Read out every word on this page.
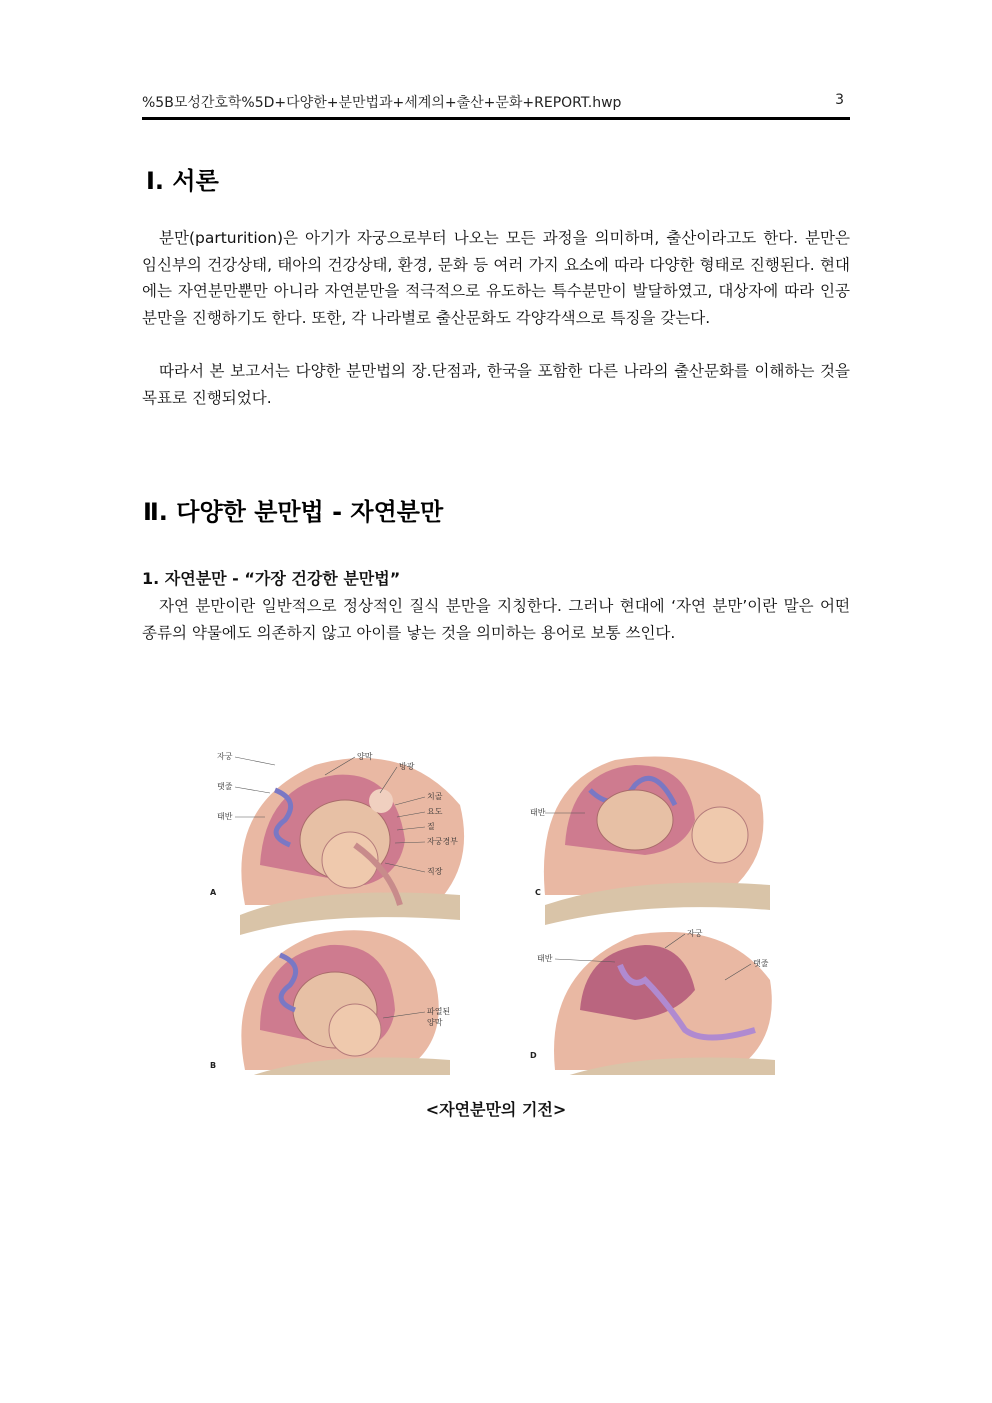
%5B모성간호학%5D+다양한+분만법과+세계의+출산+문화+REPORT.hwp	3
Ⅰ. 서론

분만(parturition)은 아기가 자궁으로부터 나오는 모든 과정을 의미하며, 출산이라고도 한다. 분만은 임신부의 건강상태, 태아의 건강상태, 환경, 문화 등 여러 가지 요소에 따라 다양한 형태로 진행된다. 현대에는 자연분만뿐만 아니라 자연분만을 적극적으로 유도하는 특수분만이 발달하였고, 대상자에 따라 인공분만을 진행하기도 한다. 또한, 각 나라별로 출산문화도 각양각색으로 특징을 갖는다.

따라서 본 보고서는 다양한 분만법의 장.단점과, 한국을 포함한 다른 나라의 출산문화를 이해하는 것을 목표로 진행되었다.

Ⅱ. 다양한 분만법 - 자연분만
1. 자연분만 - “가장 건강한 분만법”

자연 분만이란 일반적으로 정상적인 질식 분만을 지칭한다. 그러나 현대에 ‘자연 분만’이란 말은 어떤 종류의 약물에도 의존하지 않고 아이를 낳는 것을 의미하는 용어로 보통 쓰인다.

A
자궁	양막
방광
탯줄
치골
태반
요도
질
자궁경부
직장
B
파열된
양막
C
태반
D
자궁
태반
탯줄
<자연분만의 기전>
